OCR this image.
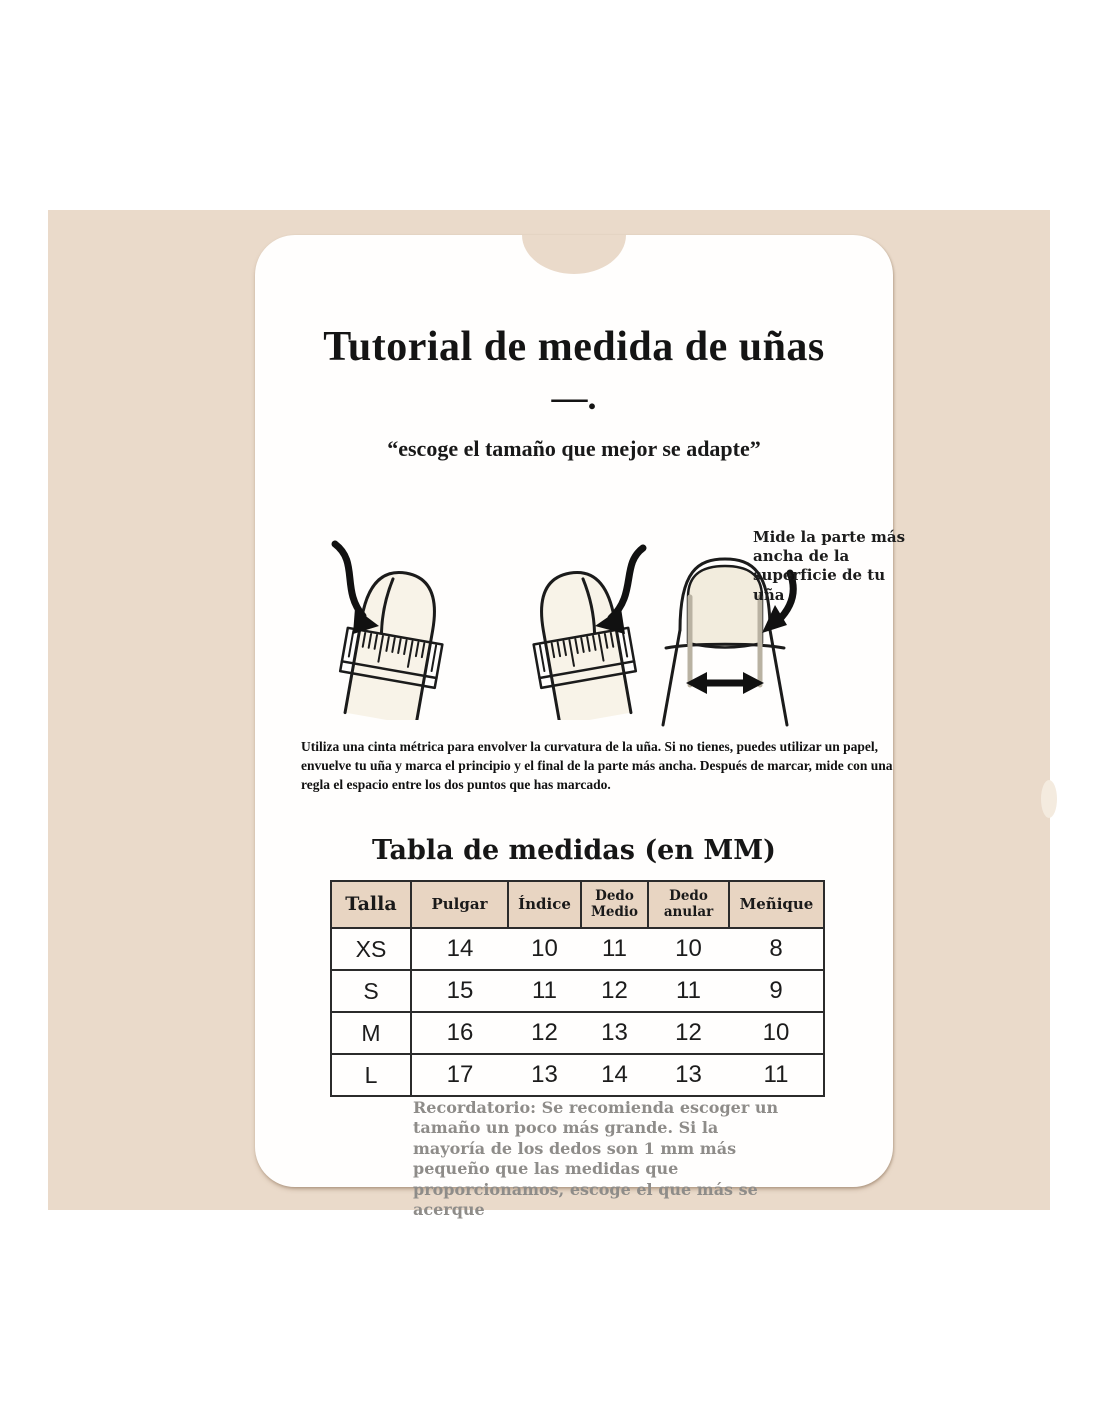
Tutorial de medida de uñas
—.
“escoge el tamaño que mejor se adapte”
Mide la parte más ancha de la superficie de tu uña
Utiliza una cinta métrica para envolver la curvatura de la uña. Si no tienes, puedes utilizar un papel, envuelve tu uña y marca el principio y el final de la parte más ancha. Después de marcar, mide con una regla el espacio entre los dos puntos que has marcado.
Tabla de medidas (en MM)
Talla	Pulgar	Índice	Dedo Medio	Dedo anular	Meñique
XS	14	10	11	10	8
S	15	11	12	11	9
M	16	12	13	12	10
L	17	13	14	13	11
Recordatorio: Se recomienda escoger un tamaño un poco más grande. Si la mayoría de los dedos son 1 mm más pequeño que las medidas que proporcionamos, escoge el que más se acerque
